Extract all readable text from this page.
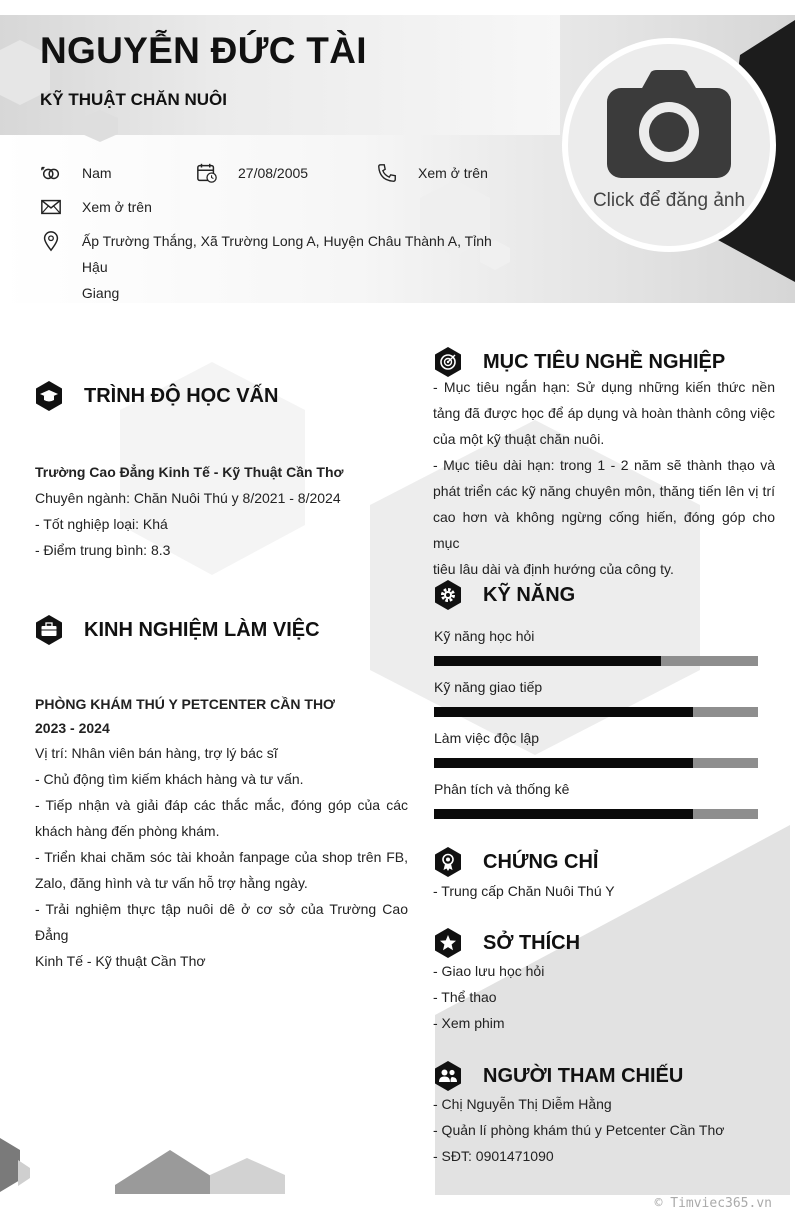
NGUYỄN ĐỨC TÀI
KỸ THUẬT CHĂN NUÔI
Click để đăng ảnh
Nam	27/08/2005	Xem ở trên
Xem ở trên
Ấp Trường Thắng, Xã Trường Long A, Huyện Châu Thành A, Tỉnh Hậu
Giang
TRÌNH ĐỘ HỌC VẤN
Trường Cao Đẳng Kinh Tế - Kỹ Thuật Cần Thơ
Chuyên ngành: Chăn Nuôi Thú y 8/2021 - 8/2024
- Tốt nghiệp loại: Khá
- Điểm trung bình: 8.3
KINH NGHIỆM LÀM VIỆC
PHÒNG KHÁM THÚ Y PETCENTER CẦN THƠ
2023 - 2024
Vị trí: Nhân viên bán hàng, trợ lý bác sĩ
- Chủ động tìm kiếm khách hàng và tư vấn.
- Tiếp nhận và giải đáp các thắc mắc, đóng góp của các
khách hàng đến phòng khám.
- Triển khai chăm sóc tài khoản fanpage của shop trên FB,
Zalo, đăng hình và tư vấn hỗ trợ hằng ngày.
- Trải nghiệm thực tập nuôi dê ở cơ sở của Trường Cao Đẳng
Kinh Tế - Kỹ thuật Cần Thơ
MỤC TIÊU NGHỀ NGHIỆP
- Mục tiêu ngắn hạn: Sử dụng những kiến thức nền
tảng đã được học để áp dụng và hoàn thành công việc
của một kỹ thuật chăn nuôi.
- Mục tiêu dài hạn: trong 1 - 2 năm sẽ thành thạo và
phát triển các kỹ năng chuyên môn, thăng tiến lên vị trí
cao hơn và không ngừng cống hiến, đóng góp cho mục
tiêu lâu dài và định hướng của công ty.
KỸ NĂNG
Kỹ năng học hỏi
Kỹ năng giao tiếp
Làm việc độc lập
Phân tích và thống kê
CHỨNG CHỈ
- Trung cấp Chăn Nuôi Thú Y
SỞ THÍCH
- Giao lưu học hỏi
- Thể thao
- Xem phim
NGƯỜI THAM CHIẾU
- Chị Nguyễn Thị Diễm Hằng
- Quản lí phòng khám thú y Petcenter Cần Thơ
- SĐT: 0901471090
© Timviec365.vn
